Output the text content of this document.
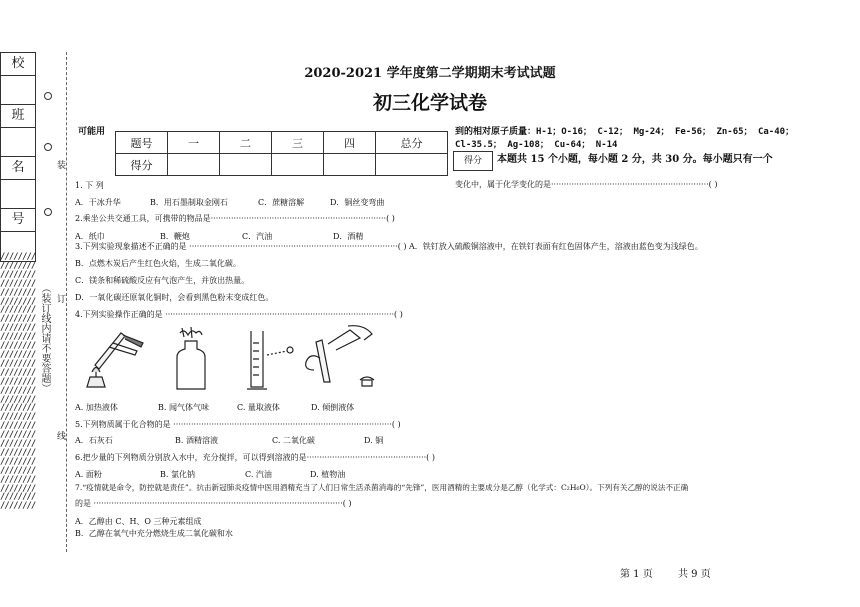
校
班
名
号
////////
////////
////////
////////
////////
////////
////////
////////
////////
////////
////////
////////
////////
////////
////////
////////
////////
////////
////////
////////
////////
////////
////////
////////
////////
////////
////////
////////
////////
（装订线内请不要答题）
装
订
线
2020-2021 学年度第二学期期末考试试题
初三化学试卷
可能用
题号	一	二	三	四	总分
得分					
到的相对原子质量：H-1；O-16； C-12； Mg-24； Fe-56； Zn-65； Ca-40；
Cl-35.5； Ag-108； Cu-64； N-14
得分	本题共 15 个小题，每小题 2 分，共 30 分。每小题只有一个
1. 下 列	变化中，属于化学变化的是······························································( )
A．干冰升华	B．用石墨制取金刚石	C．蔗糖溶解	D．铜丝变弯曲
2.乘坐公共交通工具，可携带的物品是·····································································( )
A．纸巾	B．鞭炮	C．汽油	D．酒精
3.下列实验现象描述不正确的是 ··················································································( ) A．铁钉放入硫酸铜溶液中，在铁钉表面有红色固体产生，溶液由蓝色变为浅绿色。
B．点燃木炭后产生红色火焰，生成二氧化碳。
C．镁条和稀硫酸反应有气泡产生，并放出热量。
D．一氧化碳还原氧化铜时，会看到黑色粉末变成红色。
4.下列实验操作正确的是 ··························································································( )
A. 加热液体	B. 闻气体气味	C. 量取液体	D. 倾倒液体
5.下列物质属于化合物的是 ······················································································( )
A．石灰石	B. 酒精溶液	C. 二氧化碳	D. 铜
6.把少量的下列物质分别放入水中，充分搅拌，可以得到溶液的是···············································( )
A. 面粉	B. 氯化钠	C. 汽油	D. 植物油
7.“疫情就是命令，防控就是责任”。抗击新冠肺炎疫情中医用酒精充当了人们日常生活杀菌消毒的“先锋”，医用酒精的主要成分是乙醇（化学式：C₂H₆O）。下列有关乙醇的说法不正确
的是 ··································································································( )
A．乙醇由 C、H、O 三种元素组成
B．乙醇在氧气中充分燃烧生成二氧化碳和水
第 1 页	共 9 页
